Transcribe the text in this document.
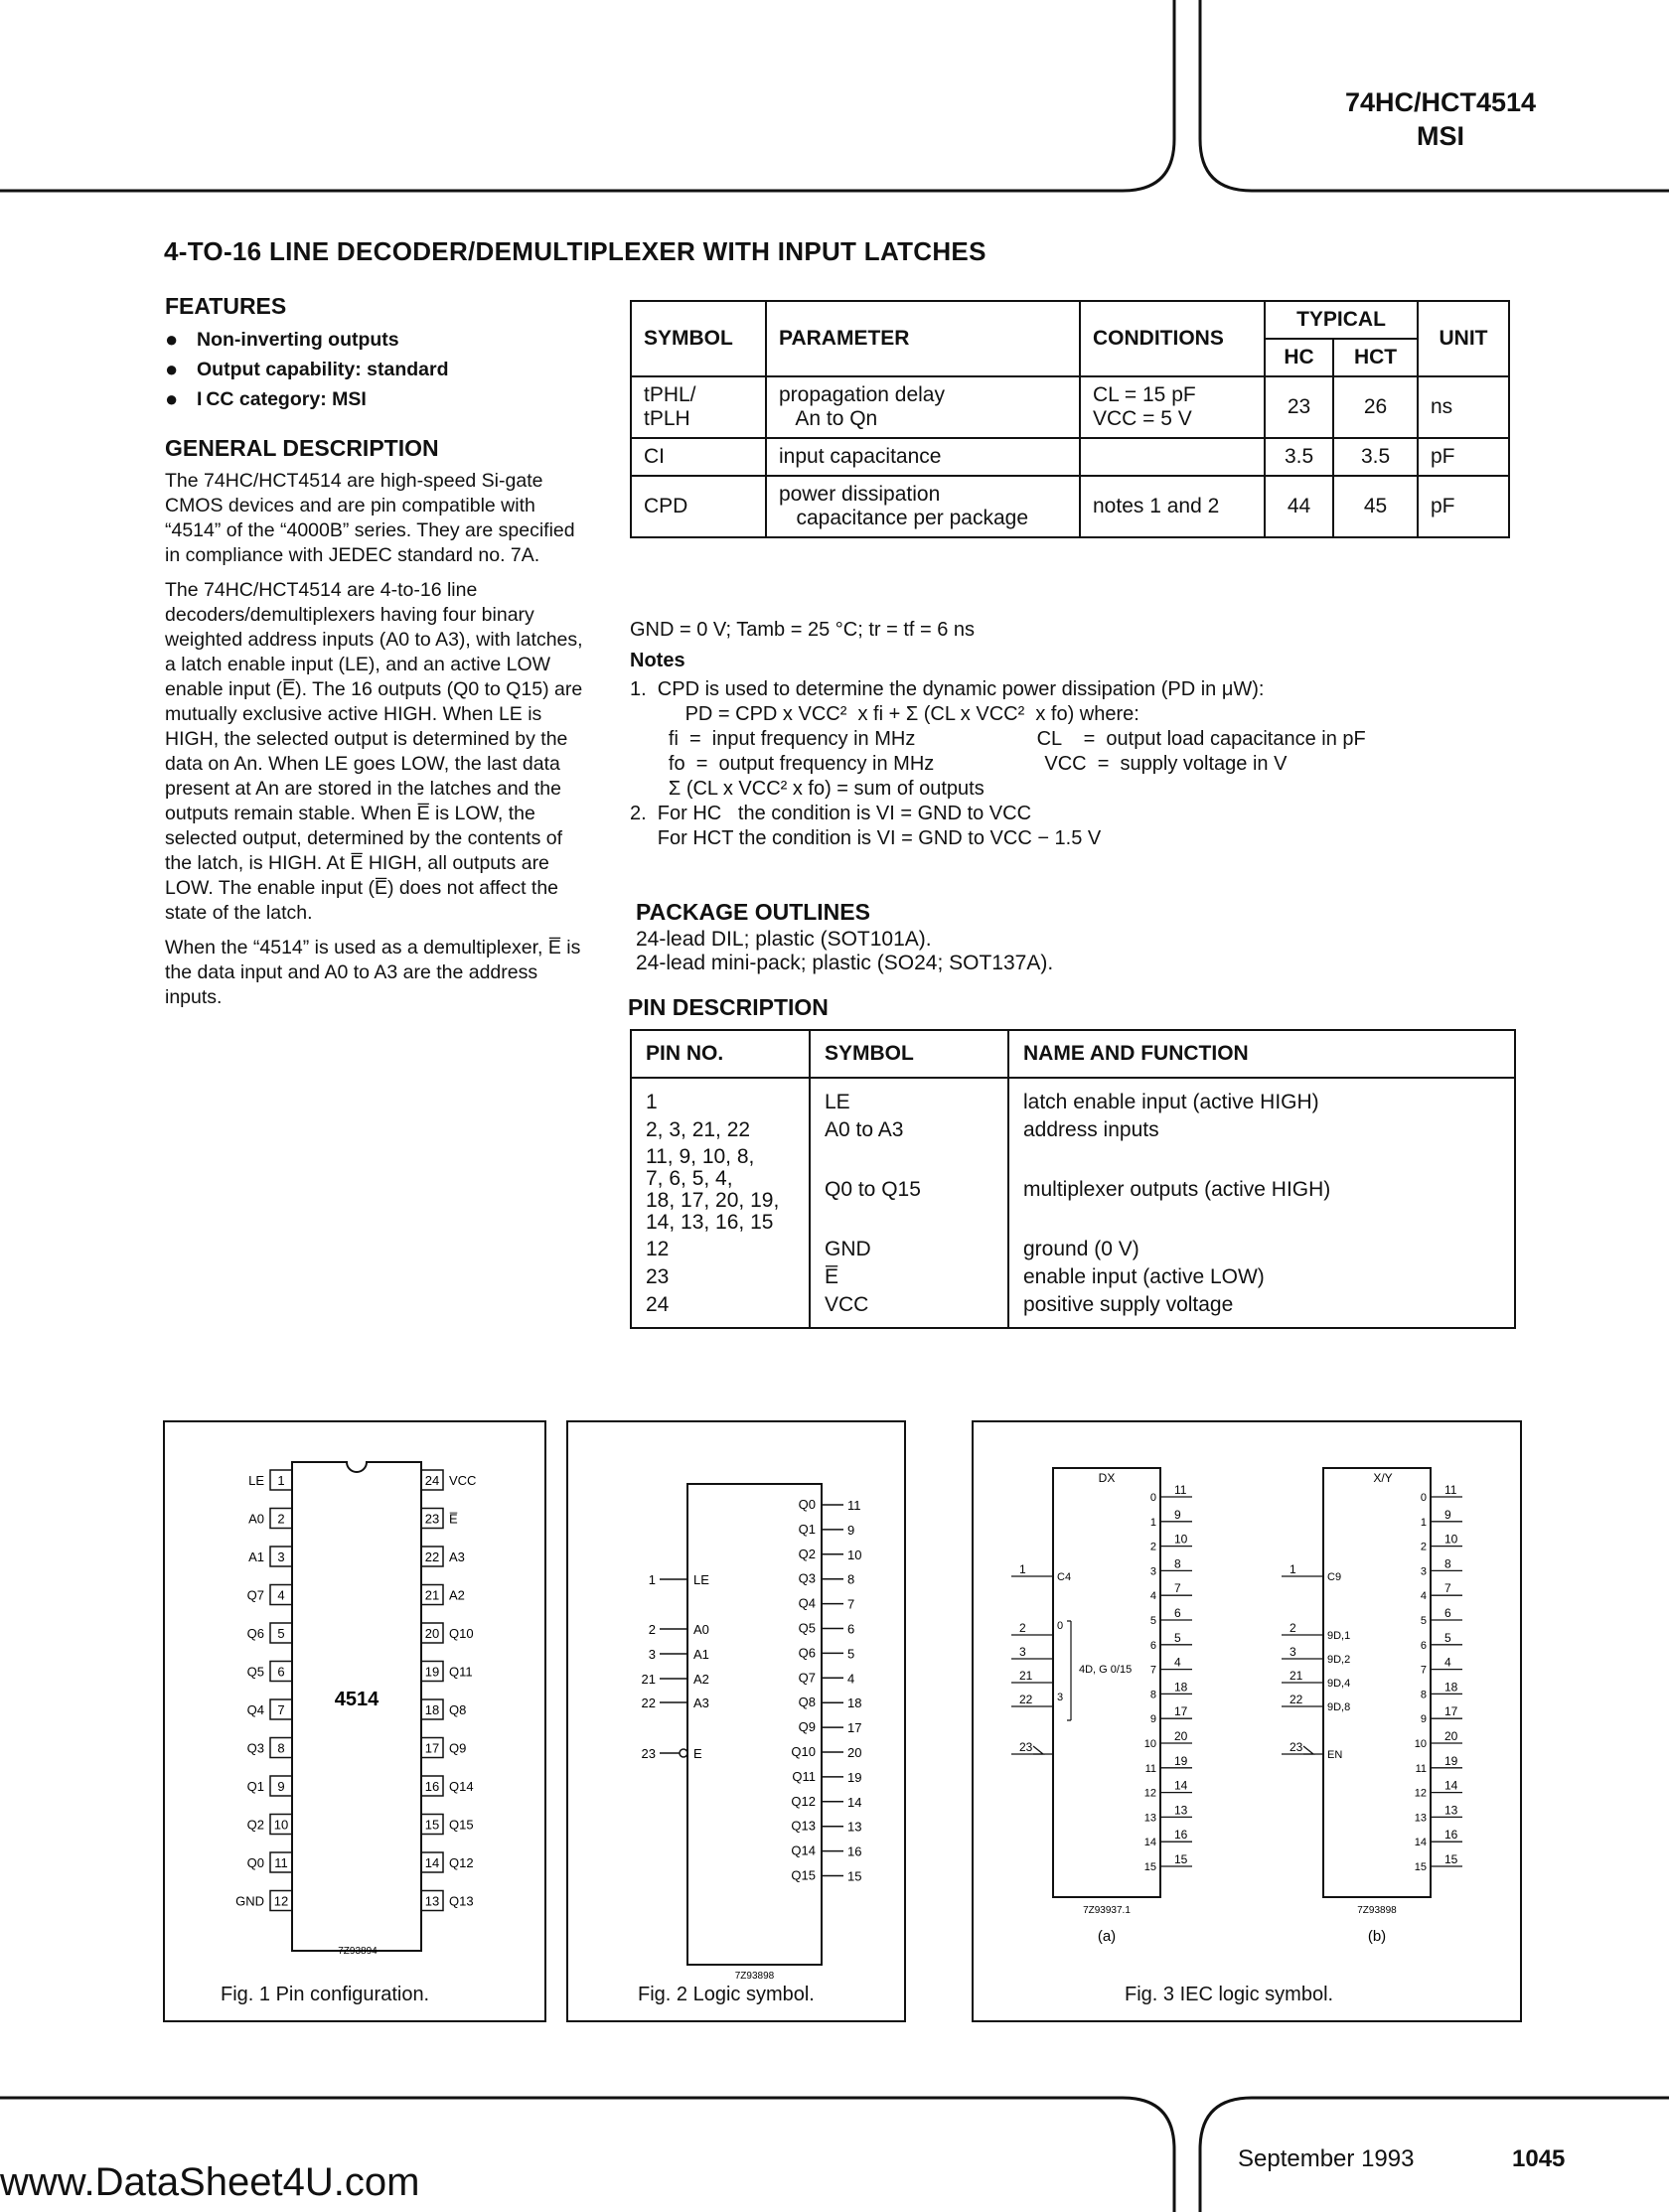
74HC/HCT4514
MSI
4-TO-16 LINE DECODER/DEMULTIPLEXER WITH INPUT LATCHES
FEATURES
● Non-inverting outputs
● Output capability: standard
● I CC category: MSI
GENERAL DESCRIPTION

The 74HC/HCT4514 are high-speed Si-gate CMOS devices and are pin compatible with “4514” of the “4000B” series. They are specified in compliance with JEDEC standard no. 7A.

The 74HC/HCT4514 are 4-to-16 line decoders/demultiplexers having four binary weighted address inputs (A0 to A3), with latches, a latch enable input (LE), and an active LOW enable input (E̅). The 16 outputs (Q0 to Q15) are mutually exclusive active HIGH. When LE is HIGH, the selected output is determined by the data on An. When LE goes LOW, the last data present at An are stored in the latches and the outputs remain stable. When E̅ is LOW, the selected output, determined by the contents of the latch, is HIGH. At E̅ HIGH, all outputs are LOW. The enable input (E̅) does not affect the state of the latch.

When the “4514” is used as a demultiplexer, E̅ is the data input and A0 to A3 are the address inputs.

SYMBOL	PARAMETER	CONDITIONS	TYPICAL		UNIT
			HC	HCT	
tPHL/
tPLH	propagation delay
An to Qn	CL = 15 pF
VCC = 5 V	23	26	ns
CI	input capacitance		3.5	3.5	pF
CPD	power dissipation
capacitance per package	notes 1 and 2	44	45	pF
GND = 0 V; Tamb = 25 °C; tr = tf = 6 ns
Notes
1.  CPD is used to determine the dynamic power dissipation (PD in μW):
PD = CPD x VCC²  x fi + Σ (CL x VCC²  x fo) where:
fi  =  input frequency in MHz                      CL    =  output load capacitance in pF
fo  =  output frequency in MHz                    VCC  =  supply voltage in V
Σ (CL x VCC² x fo) = sum of outputs
2.  For HC   the condition is VI = GND to VCC
For HCT the condition is VI = GND to VCC − 1.5 V
PACKAGE OUTLINES
24-lead DIL; plastic (SOT101A).
24-lead mini-pack; plastic (SO24; SOT137A).
PIN DESCRIPTION
PIN NO.	SYMBOL	NAME AND FUNCTION
1	LE	latch enable input (active HIGH)
2, 3, 21, 22	A0 to A3	address inputs
11, 9, 10, 8,
7, 6, 5, 4,
18, 17, 20, 19,
14, 13, 16, 15	Q0 to Q15	multiplexer outputs (active HIGH)
12	GND	ground (0 V)
23	E̅	enable input (active LOW)
24	VCC	positive supply voltage
4514
1
LE
2
A0
3
A1
4
Q7
5
Q6
6
Q5
7
Q4
8
Q3
9
Q1
10
Q2
11
Q0
12
GND
24 VCC
23 E̅
22 A3
21 A2
20 Q10
19 Q11
18 Q8
17 Q9
16 Q14
15 Q15
14 Q12
13 Q13
7Z93894
Fig. 1 Pin configuration.
Q0 11
Q1 9
Q2 10
Q3 8
Q4 7
Q5 6
Q6 5
Q7 4
Q8 18
Q9 17
Q10 20
Q11 19
Q12 14
Q13 13
Q14 16
Q15 15
1	LE
2	A0
3	A1
21	A2
22	A3
23	E
7Z93898
Fig. 2 Logic symbol.
DX
0
11
1
9
2
10
3
8
4
7
5
6
6
5
7
4
8
18
9
17
10
20
11
19
12
14
13
13
14
16
15
15
1
C4
2	0
3
21
22 3
23
4D, G 0/15
7Z93937.1
(a)
X/Y
0
11
1
9
2
10
3
8
4
7
5
6
6
5
7
4
8
18
9
17
10
20
11
19
12
14
13
13
14
16
15
15
1
C9
2
9D,1
3
9D,2
21
9D,4
22
9D,8
23
EN
7Z93898
(b)
Fig. 3 IEC logic symbol.
September 1993	1045
www.DataSheet4U.com
